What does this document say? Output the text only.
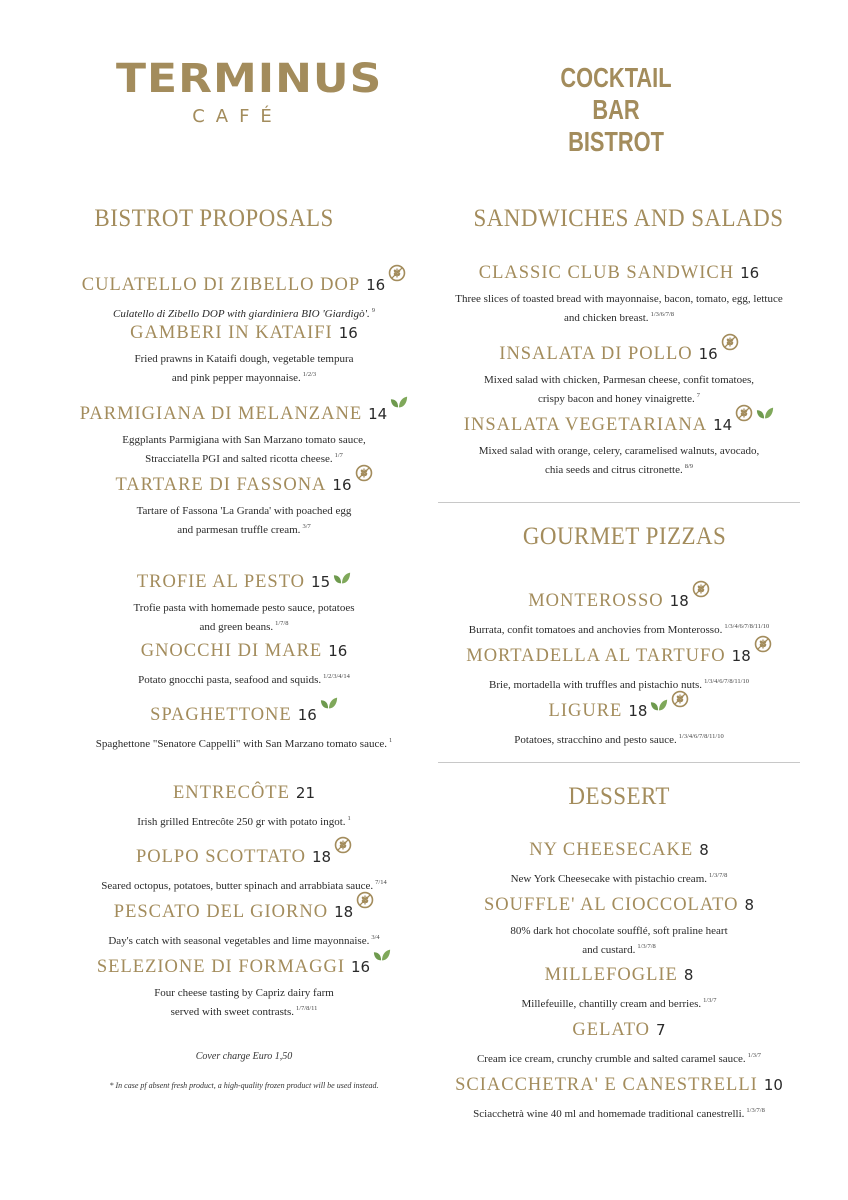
TERMINUS
CAFÉ
COCKTAIL BAR
BISTROT
BISTROT PROPOSALS
CULATELLO DI ZIBELLO DOP 16
Culatello di Zibello DOP with giardiniera BIO 'Giardigò'. $^9$
GAMBERI IN KATAIFI 16
Fried prawns in Kataifi dough, vegetable tempura
and pink pepper mayonnaise. $^{1/2/3}$
PARMIGIANA DI MELANZANE 14
Eggplants Parmigiana with San Marzano tomato sauce,
Stracciatella PGI and salted ricotta cheese. $^{1/7}$
TARTARE DI FASSONA 16
Tartare of Fassona 'La Granda' with poached egg
and parmesan truffle cream. $^{3/7}$
TROFIE AL PESTO 15
Trofie pasta with homemade pesto sauce, potatoes
and green beans. $^{1/7/8}$
GNOCCHI DI MARE 16
Potato gnocchi pasta, seafood and squids. $^{1/2/3/4/14}$
SPAGHETTONE 16
Spaghettone "Senatore Cappelli" with San Marzano tomato sauce. $^1$
ENTRECÔTE 21
Irish grilled Entrecôte 250 gr with potato ingot. $^1$
POLPO SCOTTATO 18
Seared octopus, potatoes, butter spinach and arrabbiata sauce. $^{7/14}$
PESCATO DEL GIORNO 18
Day's catch with seasonal vegetables and lime mayonnaise. $^{3/4}$
SELEZIONE DI FORMAGGI 16
Four cheese tasting by Capriz dairy farm
served with sweet contrasts. $^{1/7/8/11}$
Cover charge Euro 1,50
* In case pf absent fresh product, a high-quality frozen product will be used instead.
SANDWICHES AND SALADS
CLASSIC CLUB SANDWICH 16
Three slices of toasted bread with mayonnaise, bacon, tomato, egg, lettuce
and chicken breast. $^{1/3/6/7/8}$
INSALATA DI POLLO 16
Mixed salad with chicken, Parmesan cheese, confit tomatoes,
crispy bacon and honey vinaigrette. $^7$
INSALATA VEGETARIANA 14
Mixed salad with orange, celery, caramelised walnuts, avocado,
chia seeds and citrus citronette. $^{8/9}$
GOURMET PIZZAS
MONTEROSSO 18
Burrata, confit tomatoes and anchovies from Monterosso. $^{1/3/4/6/7/8/11/10}$
MORTADELLA AL TARTUFO 18
Brie, mortadella with truffles and pistachio nuts. $^{1/3/4/6/7/8/11/10}$
LIGURE 18
Potatoes, stracchino and pesto sauce. $^{1/3/4/6/7/8/11/10}$
DESSERT
NY CHEESECAKE 8
New York Cheesecake with pistachio cream. $^{1/3/7/8}$
SOUFFLE' AL CIOCCOLATO 8
80% dark hot chocolate soufflé, soft praline heart
and custard. $^{1/3/7/8}$
MILLEFOGLIE 8
Millefeuille, chantilly cream and berries. $^{1/3/7}$
GELATO 7
Cream ice cream, crunchy crumble and salted caramel sauce. $^{1/3/7}$
SCIACCHETRA' E CANESTRELLI 10
Sciacchetrà wine 40 ml and homemade traditional canestrelli. $^{1/3/7/8}$
